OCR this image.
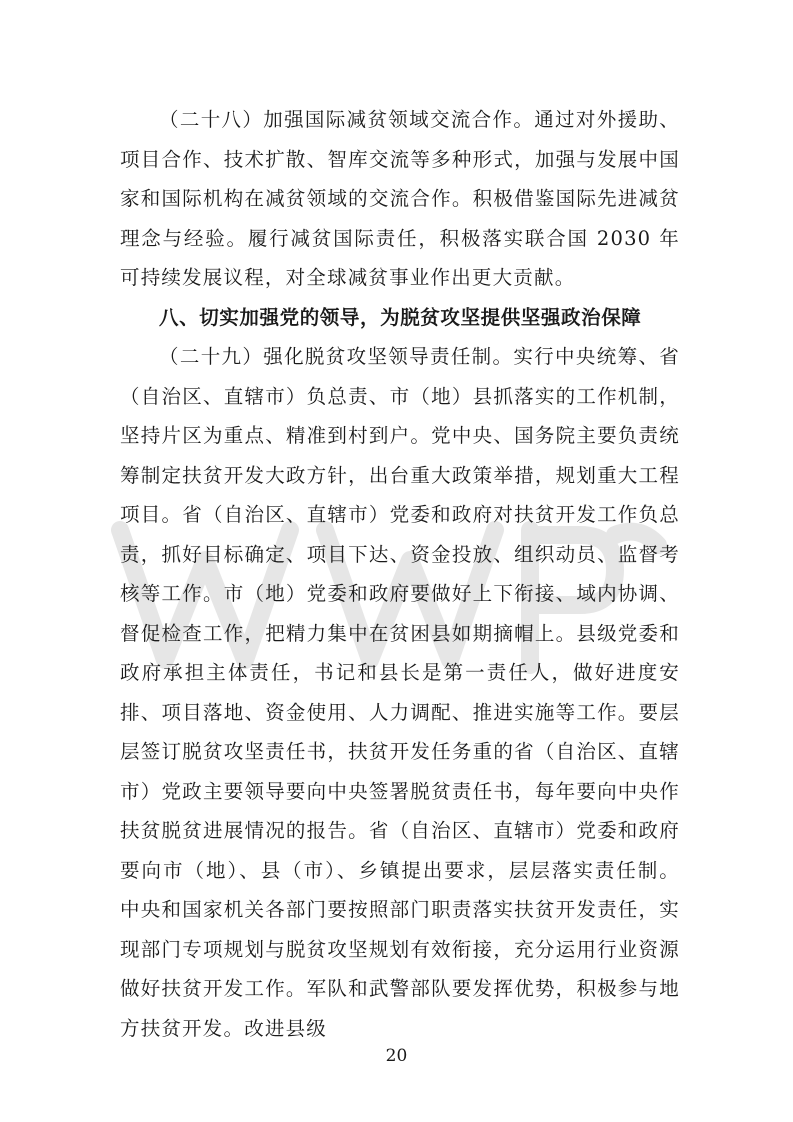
（二十八）加强国际减贫领域交流合作。通过对外援助、项目合作、技术扩散、智库交流等多种形式，加强与发展中国家和国际机构在减贫领域的交流合作。积极借鉴国际先进减贫理念与经验。履行减贫国际责任，积极落实联合国 2030 年可持续发展议程，对全球减贫事业作出更大贡献。

八、切实加强党的领导，为脱贫攻坚提供坚强政治保障

（二十九）强化脱贫攻坚领导责任制。实行中央统筹、省（自治区、直辖市）负总责、市（地）县抓落实的工作机制，坚持片区为重点、精准到村到户。党中央、国务院主要负责统筹制定扶贫开发大政方针，出台重大政策举措，规划重大工程项目。省（自治区、直辖市）党委和政府对扶贫开发工作负总责，抓好目标确定、项目下达、资金投放、组织动员、监督考核等工作。市（地）党委和政府要做好上下衔接、域内协调、督促检查工作，把精力集中在贫困县如期摘帽上。县级党委和政府承担主体责任，书记和县长是第一责任人，做好进度安排、项目落地、资金使用、人力调配、推进实施等工作。要层层签订脱贫攻坚责任书，扶贫开发任务重的省（自治区、直辖市）党政主要领导要向中央签署脱贫责任书，每年要向中央作扶贫脱贫进展情况的报告。省（自治区、直辖市）党委和政府要向市（地）、县（市）、乡镇提出要求，层层落实责任制。中央和国家机关各部门要按照部门职责落实扶贫开发责任，实现部门专项规划与脱贫攻坚规划有效衔接，充分运用行业资源做好扶贫开发工作。军队和武警部队要发挥优势，积极参与地方扶贫开发。改进县级

20
